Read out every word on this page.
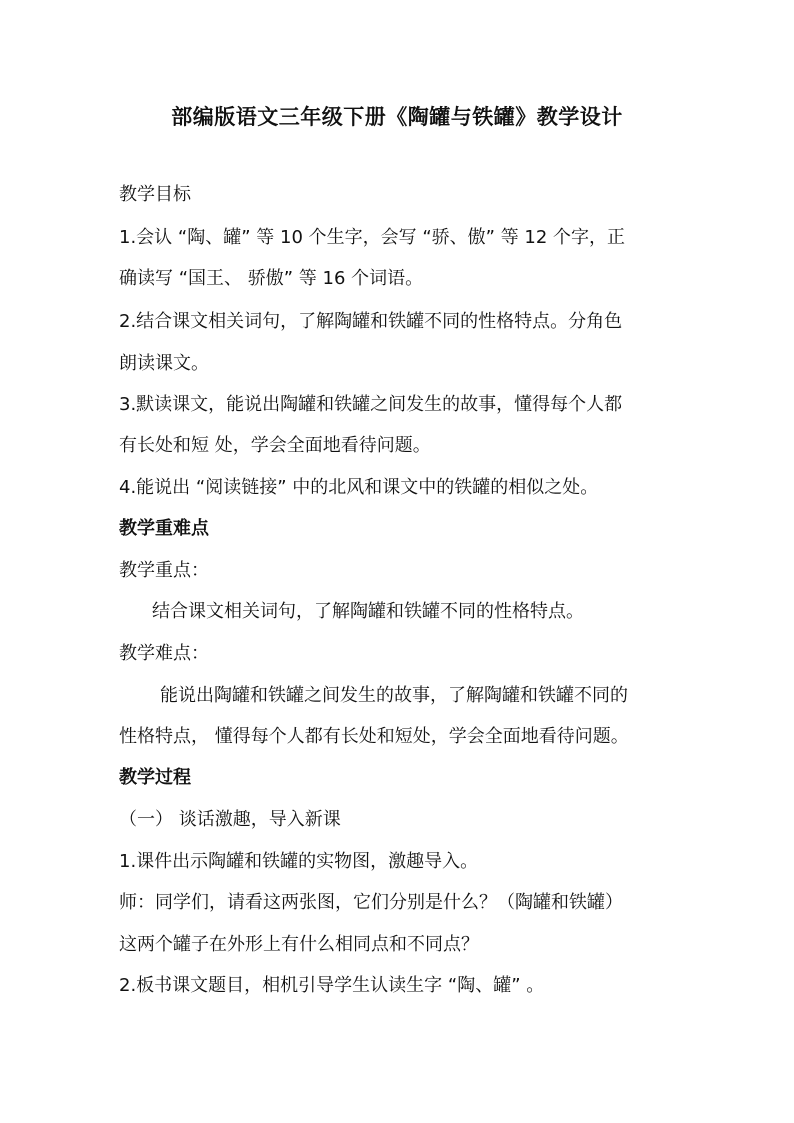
部编版语文三年级下册《陶罐与铁罐》教学设计
教学目标
1.会认 “陶、罐” 等 10 个生字，会写 “骄、傲” 等 12 个字，正
确读写 “国王、 骄傲” 等 16 个词语。
2.结合课文相关词句，了解陶罐和铁罐不同的性格特点。分角色
朗读课文。
3.默读课文，能说出陶罐和铁罐之间发生的故事，懂得每个人都
有长处和短 处，学会全面地看待问题。
4.能说出 “阅读链接” 中的北风和课文中的铁罐的相似之处。
教学重难点
教学重点：
结合课文相关词句，了解陶罐和铁罐不同的性格特点。
教学难点：
能说出陶罐和铁罐之间发生的故事，了解陶罐和铁罐不同的
性格特点， 懂得每个人都有长处和短处，学会全面地看待问题。
教学过程
（一） 谈话激趣，导入新课
1.课件出示陶罐和铁罐的实物图，激趣导入。
师：同学们，请看这两张图，它们分别是什么？（陶罐和铁罐）
这两个罐子在外形上有什么相同点和不同点？
2.板书课文题目，相机引导学生认读生字 “陶、罐” 。
